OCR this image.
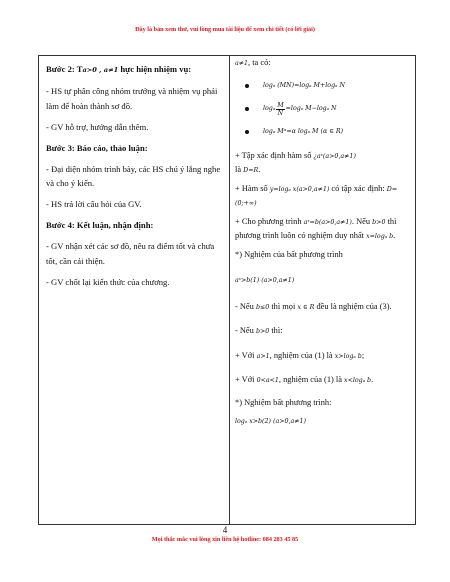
Đây là bản xem thử, vui lòng mua tài liệu để xem chi tiết (có lời giải)

Bước 2: Ta>0 , a≠1 hực hiện nhiệm vụ:

- HS tự phân công nhóm trưởng và nhiệm vụ phải làm để hoàn thành sơ đồ.

- GV hỗ trợ, hướng dẫn thêm.

Bước 3: Báo cáo, thảo luận:

- Đại diện nhóm trình bày, các HS chú ý lắng nghe và cho ý kiến.

- HS trả lời câu hỏi của GV.

Bước 4: Kết luận, nhận định:

- GV nhận xét các sơ đồ, nêu ra điểm tốt và chưa tốt, cần cải thiện.

- GV chốt lại kiến thức của chương.

a≠1, ta có:

logₐ (MN)=logₐ M+logₐ N
logₐ $\frac{M}{N} =\log_a$ M−logₐ N
logₐ Mᵅ=α logₐ M (α ∈ R)

+ Tập xác định hàm số ¿aˣ(a>0,a≠1)
là D=R.

+ Hàm số y=logₐ x(a>0,a≠1) có tập xác định: D=(0;+∞)

+ Cho phương trình aˣ=b(a>0,a≠1). Nếu b>0 thì phương trình luôn có nghiệm duy nhất x=logₐ b.

*) Nghiệm của bất phương trình

aˣ>b(1) (a>0,a≠1)

- Nếu b≤0 thì mọi x ∈ R đều là nghiệm của (3).

- Nếu b>0 thì:

+ Với a>1, nghiệm của (1) là x>logₐ b;

+ Với 0<a<1, nghiệm của (1) là x<logₐ b.

*) Nghiệm bất phương trình:

logₐ x>b(2) (a>0,a≠1)

4
Mọi thắc mắc vui lòng xin liên hệ hotline: 084 283 45 85
